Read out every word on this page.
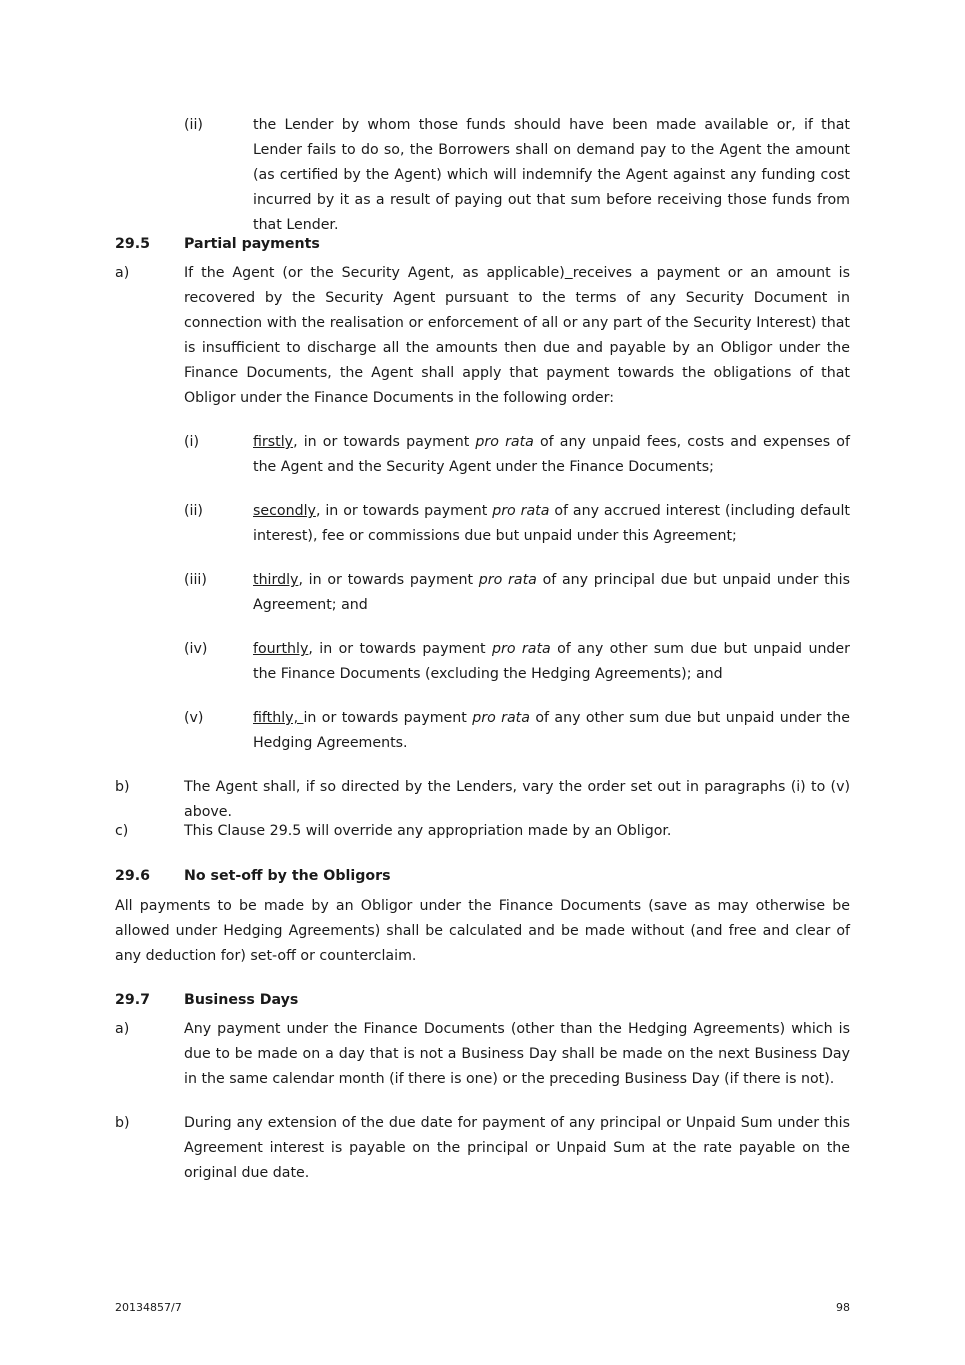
(ii)	the Lender by whom those funds should have been made available or, if that Lender fails to do so, the Borrowers shall on demand pay to the Agent the amount (as certified by the Agent) which will indemnify the Agent against any funding cost incurred by it as a result of paying out that sum before receiving those funds from that Lender.
29.5 Partial payments
a)	If the Agent (or the Security Agent, as applicable) receives a payment or an amount is recovered by the Security Agent pursuant to the terms of any Security Document in connection with the realisation or enforcement of all or any part of the Security Interest) that is insufficient to discharge all the amounts then due and payable by an Obligor under the Finance Documents, the Agent shall apply that payment towards the obligations of that Obligor under the Finance Documents in the following order:
(i)	firstly, in or towards payment pro rata of any unpaid fees, costs and expenses of the Agent and the Security Agent under the Finance Documents;
(ii)	secondly, in or towards payment pro rata of any accrued interest (including default interest), fee or commissions due but unpaid under this Agreement;
(iii)	thirdly, in or towards payment pro rata of any principal due but unpaid under this Agreement; and
(iv)	fourthly, in or towards payment pro rata of any other sum due but unpaid under the Finance Documents (excluding the Hedging Agreements); and
(v)	fifthly, in or towards payment pro rata of any other sum due but unpaid under the Hedging Agreements.
b)	The Agent shall, if so directed by the Lenders, vary the order set out in paragraphs (i) to (v) above.
c)	This Clause 29.5 will override any appropriation made by an Obligor.
29.6 No set-off by the Obligors
All payments to be made by an Obligor under the Finance Documents (save as may otherwise be allowed under Hedging Agreements) shall be calculated and be made without (and free and clear of any deduction for) set-off or counterclaim.
29.7 Business Days
a)	Any payment under the Finance Documents (other than the Hedging Agreements) which is due to be made on a day that is not a Business Day shall be made on the next Business Day in the same calendar month (if there is one) or the preceding Business Day (if there is not).
b)	During any extension of the due date for payment of any principal or Unpaid Sum under this Agreement interest is payable on the principal or Unpaid Sum at the rate payable on the original due date.
20134857/7	98
